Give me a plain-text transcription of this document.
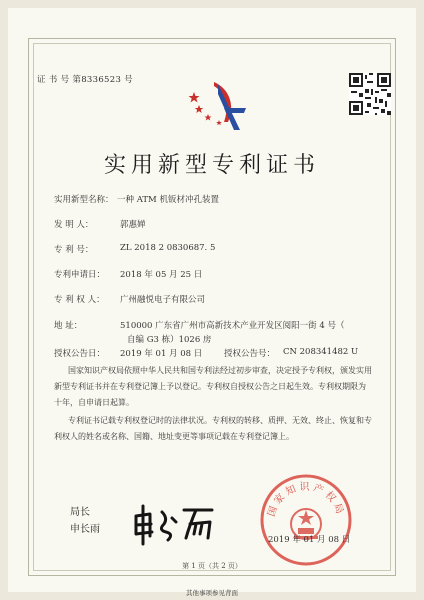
证 书 号 第8336523 号
实用新型专利证书
实用新型名称： 一种 ATM 机钣材冲孔装置
发 明 人：	郭惠婵
专 利 号：	ZL 2018 2 0830687. 5
专利申请日： 2018 年 05 月 25 日
专 利 权 人： 广州融悦电子有限公司
地 址：	510000 广东省广州市高新技术产业开发区阅阳一街 4 号（
自编 G3 栋）1026 房
授权公告日： 2019 年 01 月 08 日	授权公告号： CN 208341482 U
国家知识产权局依照中华人民共和国专利法经过初步审查，决定授予专利权，颁发实用
新型专利证书并在专利登记簿上予以登记。专利权自授权公告之日起生效。专利权期限为
十年，自申请日起算。
专利证书记载专利权登记时的法律状况。专利权的转移、质押、无效、终止、恢复和专
利权人的姓名或名称、国籍、地址变更等事项记载在专利登记簿上。
局长
申长雨
国家知识产权局
2019 年 01 月 08 日
第 1 页（共 2 页）
其他事项参见背面
